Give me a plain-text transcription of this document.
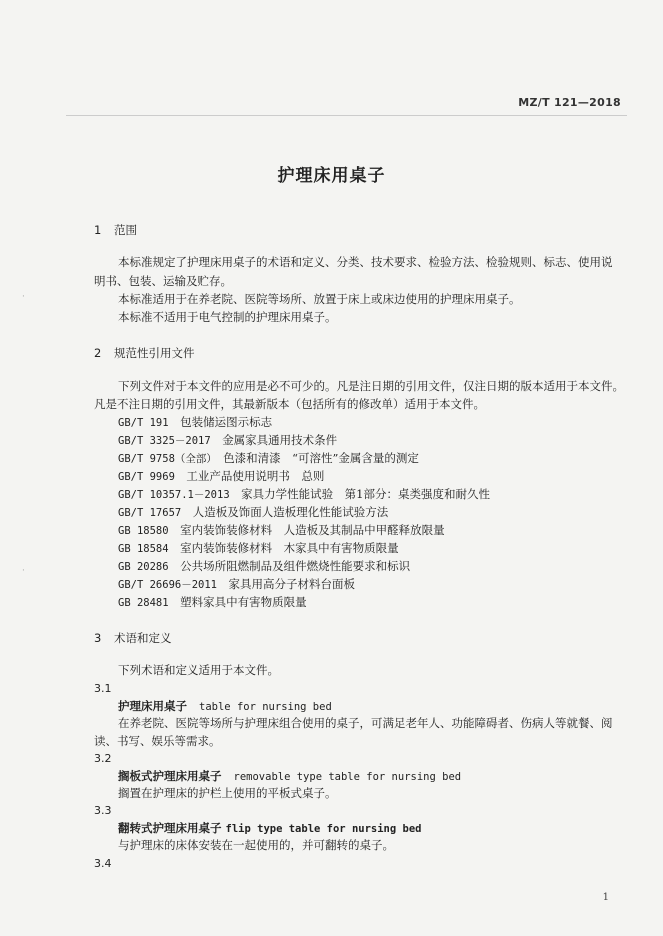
MZ/T 121—2018
护理床用桌子
1 范围
本标准规定了护理床用桌子的术语和定义、分类、技术要求、检验方法、检验规则、标志、使用说
明书、包装、运输及贮存。
本标准适用于在养老院、医院等场所、放置于床上或床边使用的护理床用桌子。
本标准不适用于电气控制的护理床用桌子。
2 规范性引用文件
下列文件对于本文件的应用是必不可少的。凡是注日期的引用文件，仅注日期的版本适用于本文件。
凡是不注日期的引用文件，其最新版本（包括所有的修改单）适用于本文件。
GB/T 191　 包装储运图示标志
GB/T 3325－2017　 金属家具通用技术条件
GB/T 9758（全部）　 色漆和清漆　“可溶性”金属含量的测定
GB/T 9969　 工业产品使用说明书　总则
GB/T 10357.1－2013　 家具力学性能试验　第1部分：桌类强度和耐久性
GB/T 17657　 人造板及饰面人造板理化性能试验方法
GB 18580　 室内装饰装修材料　人造板及其制品中甲醛释放限量
GB 18584　 室内装饰装修材料　木家具中有害物质限量
GB 20286　 公共场所阻燃制品及组件燃烧性能要求和标识
GB/T 26696－2011　 家具用高分子材料台面板
GB 28481　 塑料家具中有害物质限量
3 术语和定义
下列术语和定义适用于本文件。
3.1
护理床用桌子 table for nursing bed
在养老院、医院等场所与护理床组合使用的桌子，可满足老年人、功能障碍者、伤病人等就餐、阅
读、书写、娱乐等需求。
3.2
搁板式护理床用桌子 removable type table for nursing bed
搁置在护理床的护栏上使用的平板式桌子。
3.3
翻转式护理床用桌子 flip type table for nursing bed
与护理床的床体安装在一起使用的，并可翻转的桌子。
3.4
1
·
·
